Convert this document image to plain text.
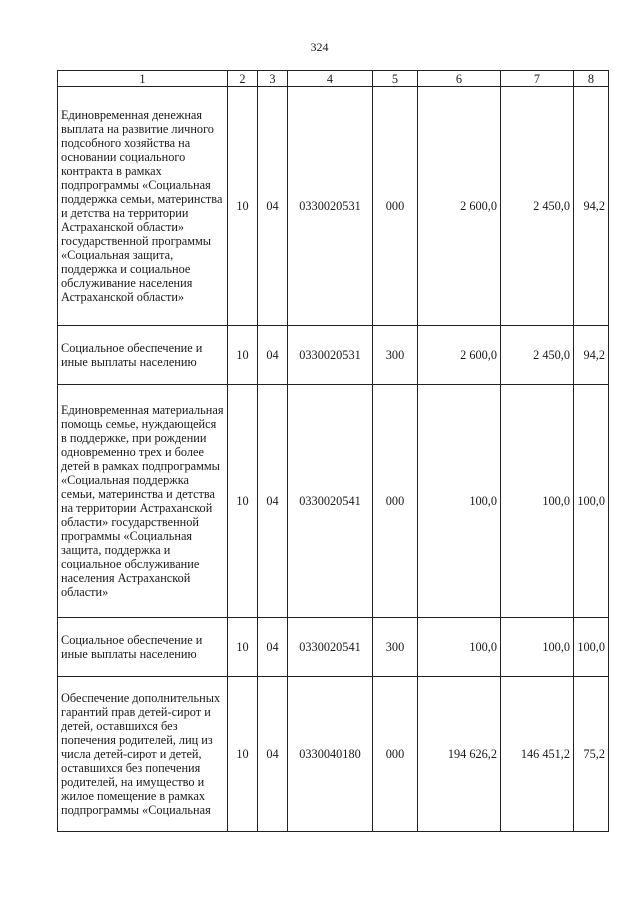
324
1	2	3	4	5	6	7	8
Единовременная денежная выплата на развитие личного подсобного хозяйства на основании социального контракта в рамках подпрограммы «Социальная поддержка семьи, материнства и детства на территории Астраханской области» государственной программы «Социальная защита, поддержка и социальное обслуживание населения Астраханской области»	10	04	0330020531	000	2 600,0	2 450,0	94,2
Социальное обеспечение и иные выплаты населению	10	04	0330020531	300	2 600,0	2 450,0	94,2
Единовременная материальная помощь семье, нуждающейся в поддержке, при рождении одновременно трех и более детей в рамках подпрограммы «Социальная поддержка семьи, материнства и детства на территории Астраханской области» государственной программы «Социальная защита, поддержка и социальное обслуживание населения Астраханской области»	10	04	0330020541	000	100,0	100,0	100,0
Социальное обеспечение и иные выплаты населению	10	04	0330020541	300	100,0	100,0	100,0
Обеспечение дополнительных гарантий прав детей-сирот и детей, оставшихся без попечения родителей, лиц из числа детей-сирот и детей, оставшихся без попечения родителей, на имущество и жилое помещение в рамках подпрограммы «Социальная	10	04	0330040180	000	194 626,2	146 451,2	75,2
